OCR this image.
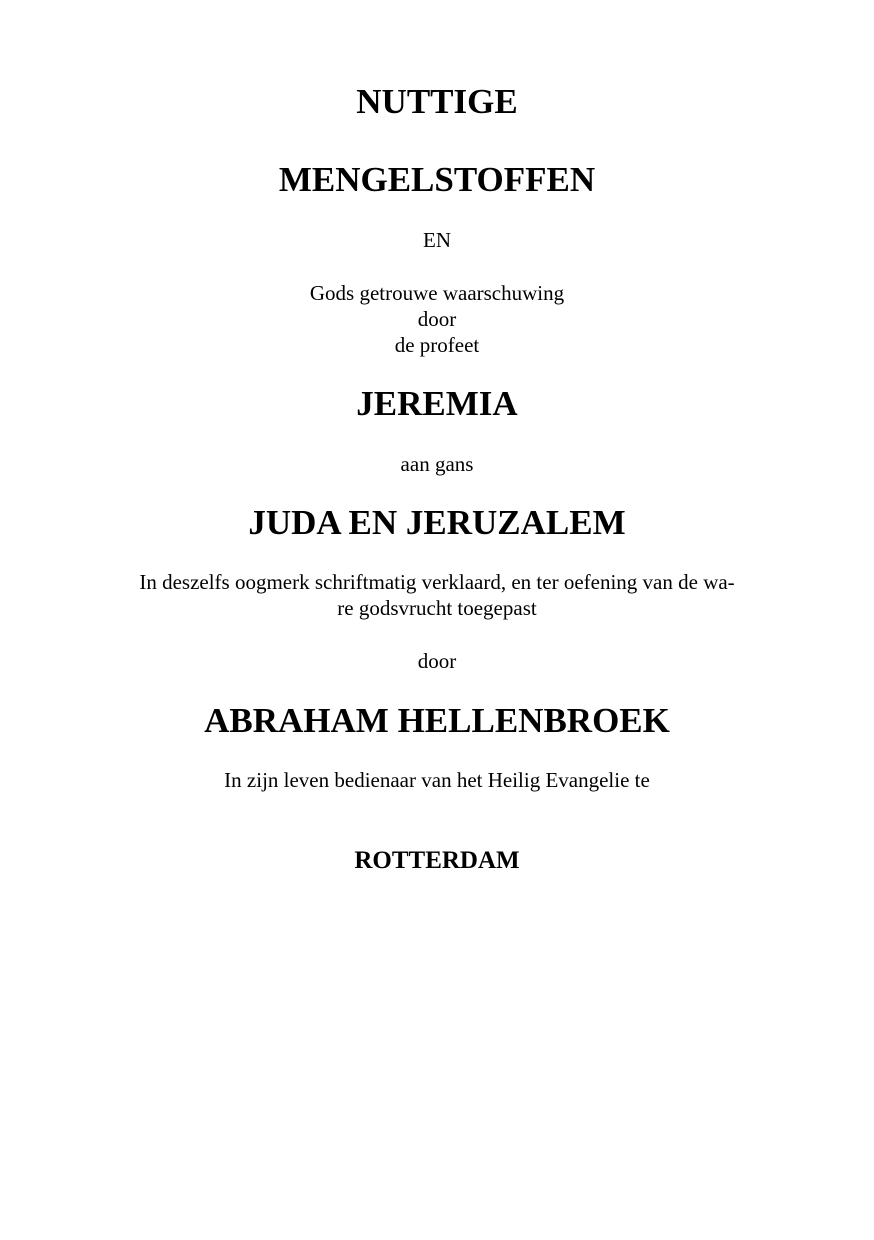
NUTTIGE

MENGELSTOFFEN

EN

Gods getrouwe waarschuwing

door

de profeet

JEREMIA

aan gans

JUDA EN JERUZALEM

In deszelfs oogmerk schriftmatig verklaard, en ter oefening van de wa-

re godsvrucht toegepast

door

ABRAHAM HELLENBROEK

In zijn leven bedienaar van het Heilig Evangelie te

ROTTERDAM
